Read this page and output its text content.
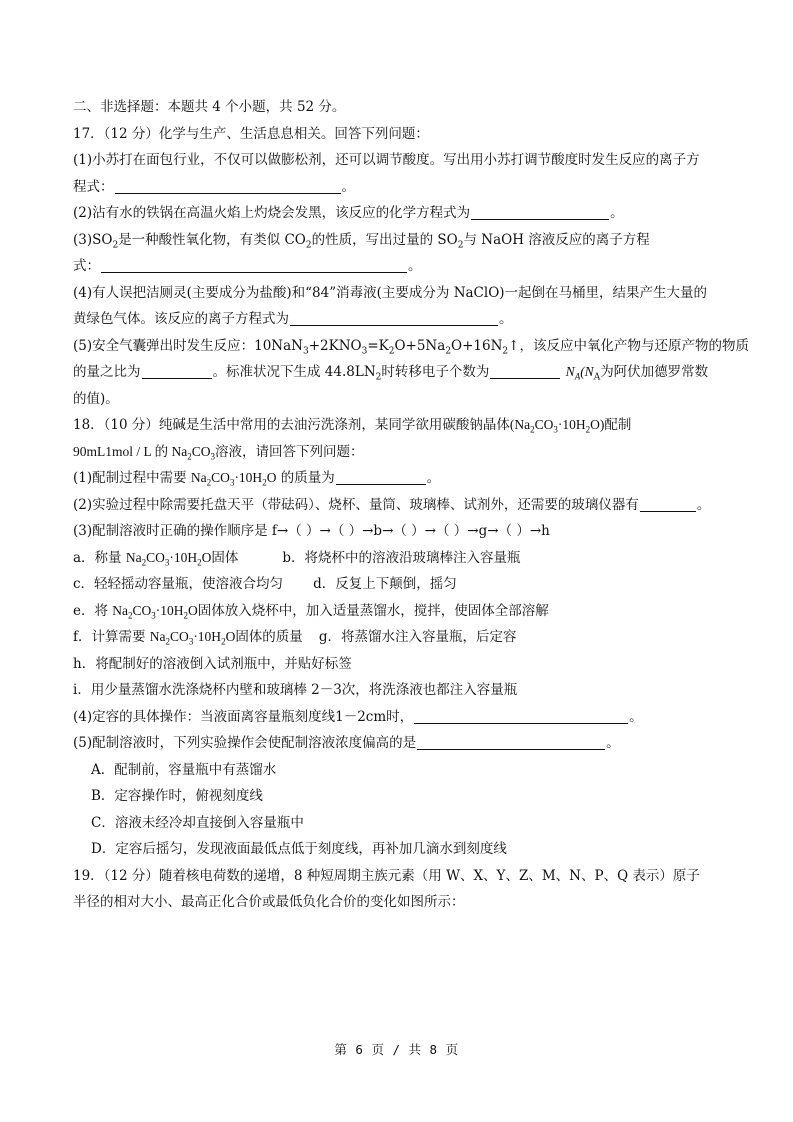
二、非选择题：本题共 4 个小题，共 52 分。
17．（12 分）化学与生产、生活息息相关。回答下列问题：
(1)小苏打在面包行业，不仅可以做膨松剂，还可以调节酸度。写出用小苏打调节酸度时发生反应的离子方
程式：	。
(2)沾有水的铁锅在高温火焰上灼烧会发黑，该反应的化学方程式为	。
$(3)SO_2$是一种酸性氧化物，有类似 $CO_2$的性质，写出过量的 $SO_2$与 NaOH 溶液反应的离子方程
式：	。
(4)有人误把洁厕灵(主要成分为盐酸)和“84”消毒液(主要成分为 NaClO)一起倒在马桶里，结果产生大量的
黄绿色气体。该反应的离子方程式为	。
(5)安全气囊弹出时发生反应：$10NaN_3+2KNO_3=K_2O+5Na_2O+16N_2↑$，该反应中氧化产物与还原产物的物质
的量之比为	。标准状况下生成 $44.8LN_2$时转移电子个数为	$N_A(N_A$为阿伏加德罗常数
的值)。
18．（10 分）纯碱是生活中常用的去油污洗涤剂，某同学欲用碳酸钠晶体$(Na_2CO_3\cdot 10H_2O)$配制
90mL1mol / L 的 $Na_2CO_3$溶液，请回答下列问题：
(1)配制过程中需要 $Na_2CO_3\cdot 10H_2O$ 的质量为	。
(2)实验过程中除需要托盘天平（带砝码）、烧杯、量筒、玻璃棒、试剂外，还需要的玻璃仪器有	。
(3)配制溶液时正确的操作顺序是 f→（ ）→（ ）→b→（ ）→（ ）→g→（ ）→h
a．称量 $Na_2CO_3\cdot 10H_2O$固体	b．将烧杯中的溶液沿玻璃棒注入容量瓶
c．轻轻摇动容量瓶，使溶液合均匀 d．反复上下颠倒，摇匀
e．将 $Na_2CO_3\cdot 10H_2O$固体放入烧杯中，加入适量蒸馏水，搅拌，使固体全部溶解
f．计算需要 $Na_2CO_3\cdot 10H_2O$固体的质量 g．将蒸馏水注入容量瓶，后定容
h．将配制好的溶液倒入试剂瓶中，并贴好标签
i．用少量蒸馏水洗涤烧杯内壁和玻璃棒 2－3次，将洗涤液也都注入容量瓶
(4)定容的具体操作：当液面离容量瓶刻度线1－2cm时，	。
(5)配制溶液时，下列实验操作会使配制溶液浓度偏高的是	。
A．配制前，容量瓶中有蒸馏水
B．定容操作时，俯视刻度线
C．溶液未经冷却直接倒入容量瓶中
D．定容后摇匀，发现液面最低点低于刻度线，再补加几滴水到刻度线
19．（12 分）随着核电荷数的递增，8 种短周期主族元素（用 W、X、Y、Z、M、N、P、Q 表示）原子
半径的相对大小、最高正化合价或最低负化合价的变化如图所示：
第 6 页 / 共 8 页
